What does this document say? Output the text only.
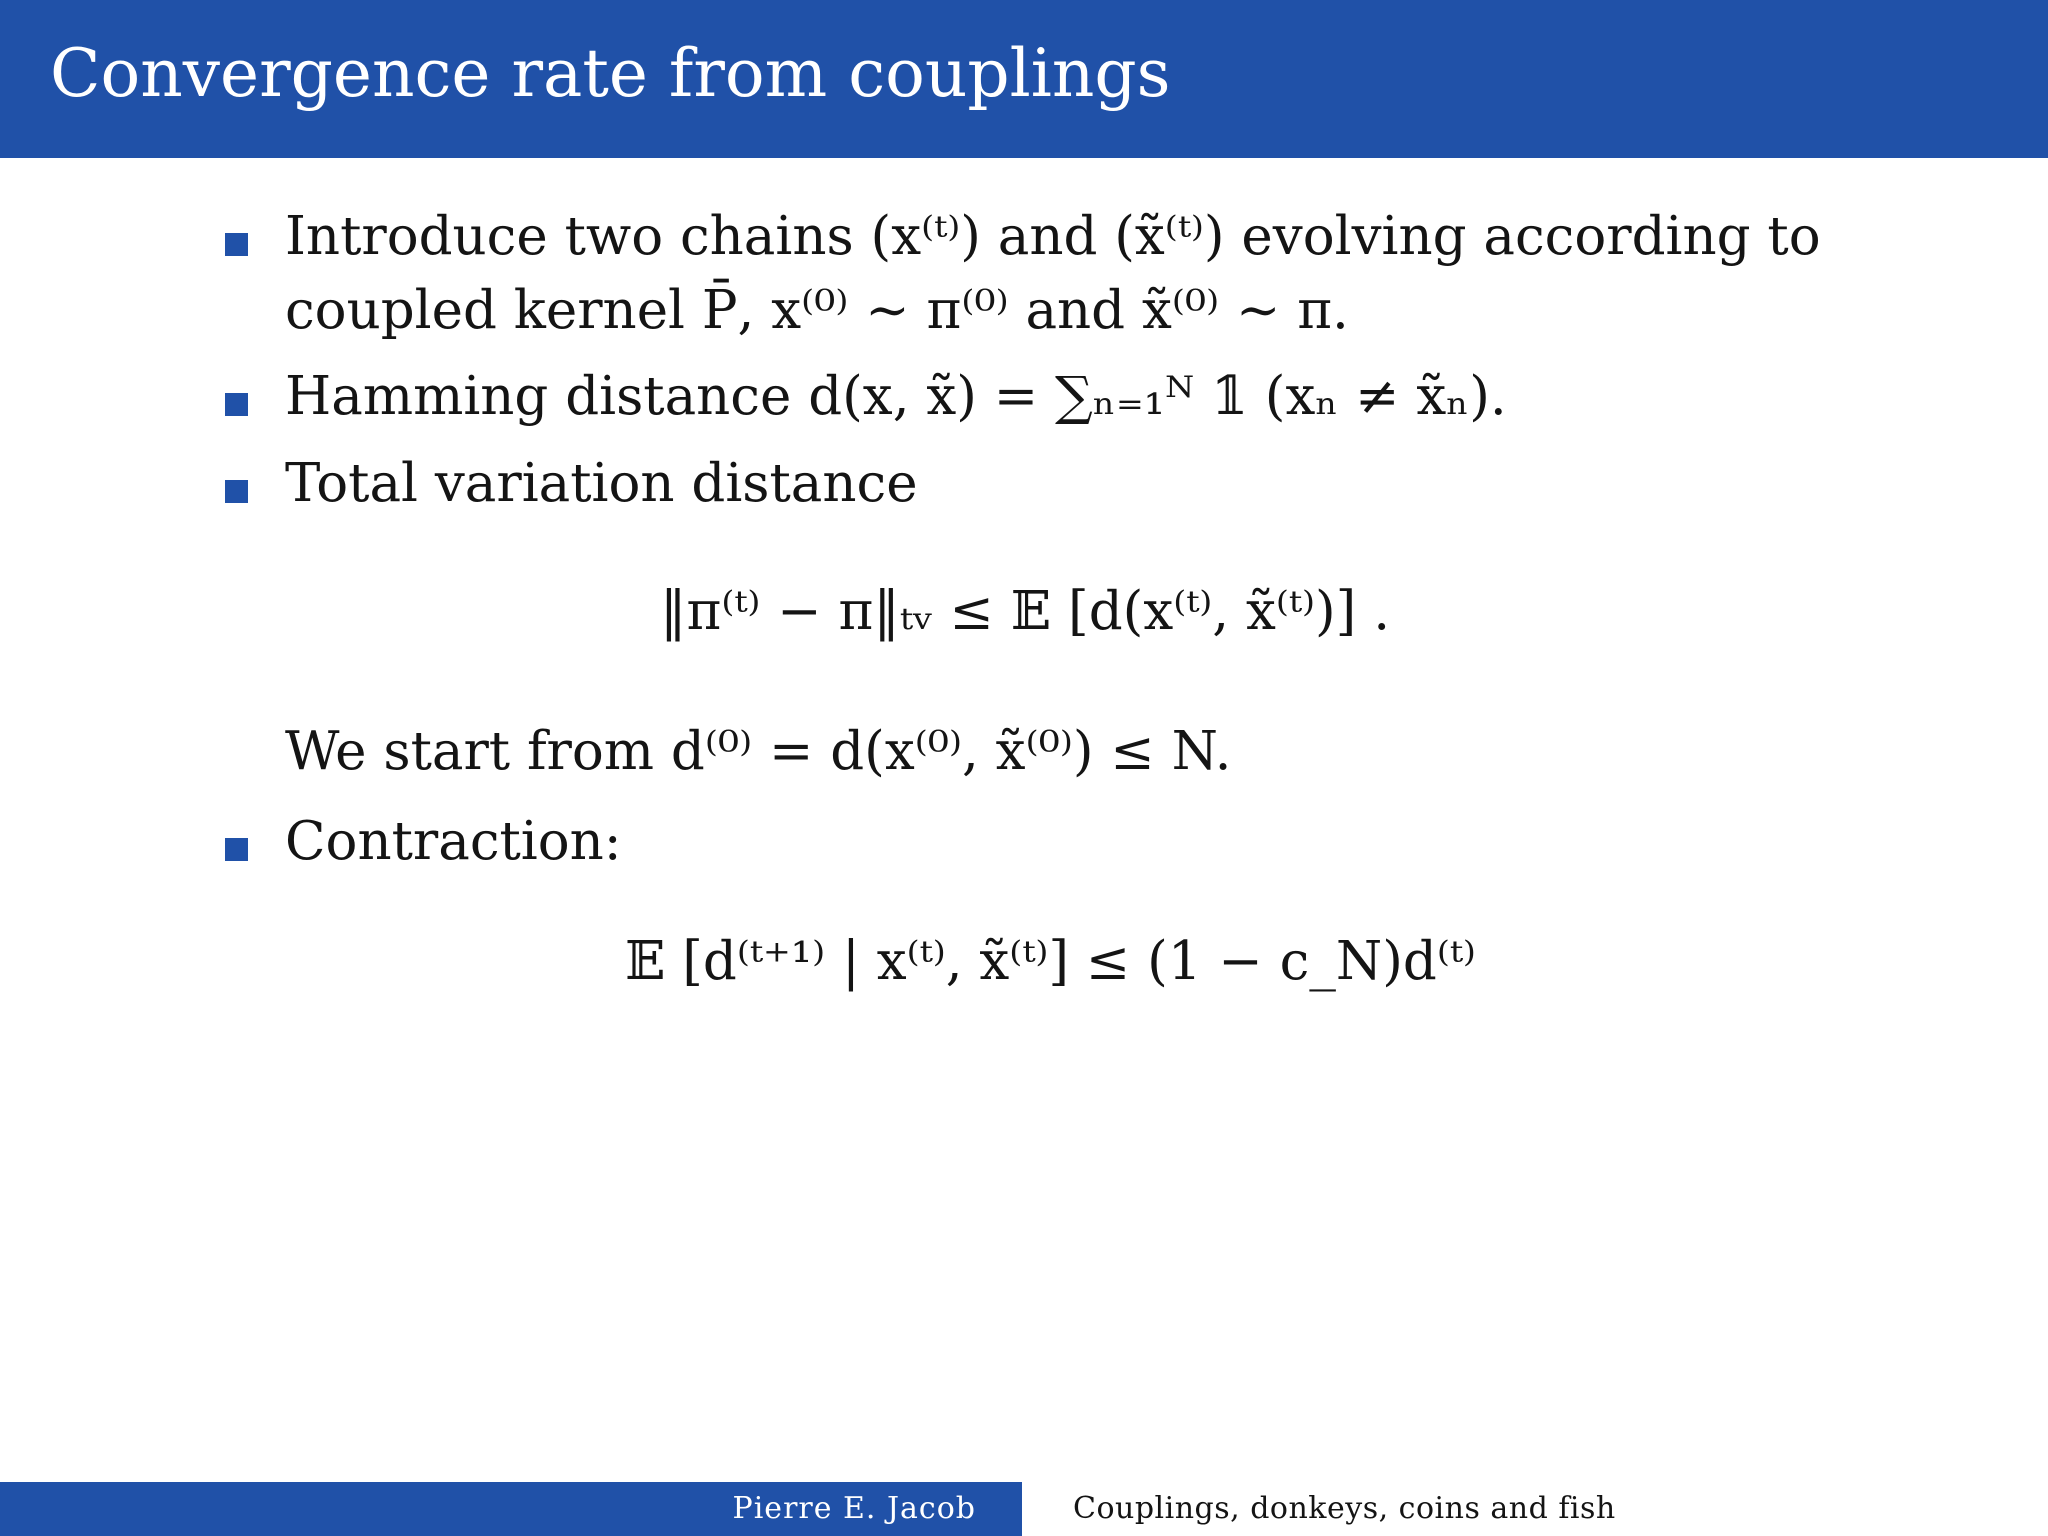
Convergence rate from couplings
Introduce two chains (x⁽ᵗ⁾) and (x̃⁽ᵗ⁾) evolving according to
coupled kernel P̄, x⁽⁰⁾ ∼ π⁽⁰⁾ and x̃⁽⁰⁾ ∼ π.
Hamming distance d(x, x̃) = ∑ₙ₌₁ᴺ 𝟙 (xₙ ≠ x̃ₙ).
Total variation distance
‖π⁽ᵗ⁾ − π‖ₜᵥ ≤ 𝔼 [d(x⁽ᵗ⁾, x̃⁽ᵗ⁾)] .
We start from d⁽⁰⁾ = d(x⁽⁰⁾, x̃⁽⁰⁾) ≤ N.
Contraction:
𝔼 [d⁽ᵗ⁺¹⁾ | x⁽ᵗ⁾, x̃⁽ᵗ⁾] ≤ (1 − c_N)d⁽ᵗ⁾
Pierre E. Jacob	Couplings, donkeys, coins and fish
